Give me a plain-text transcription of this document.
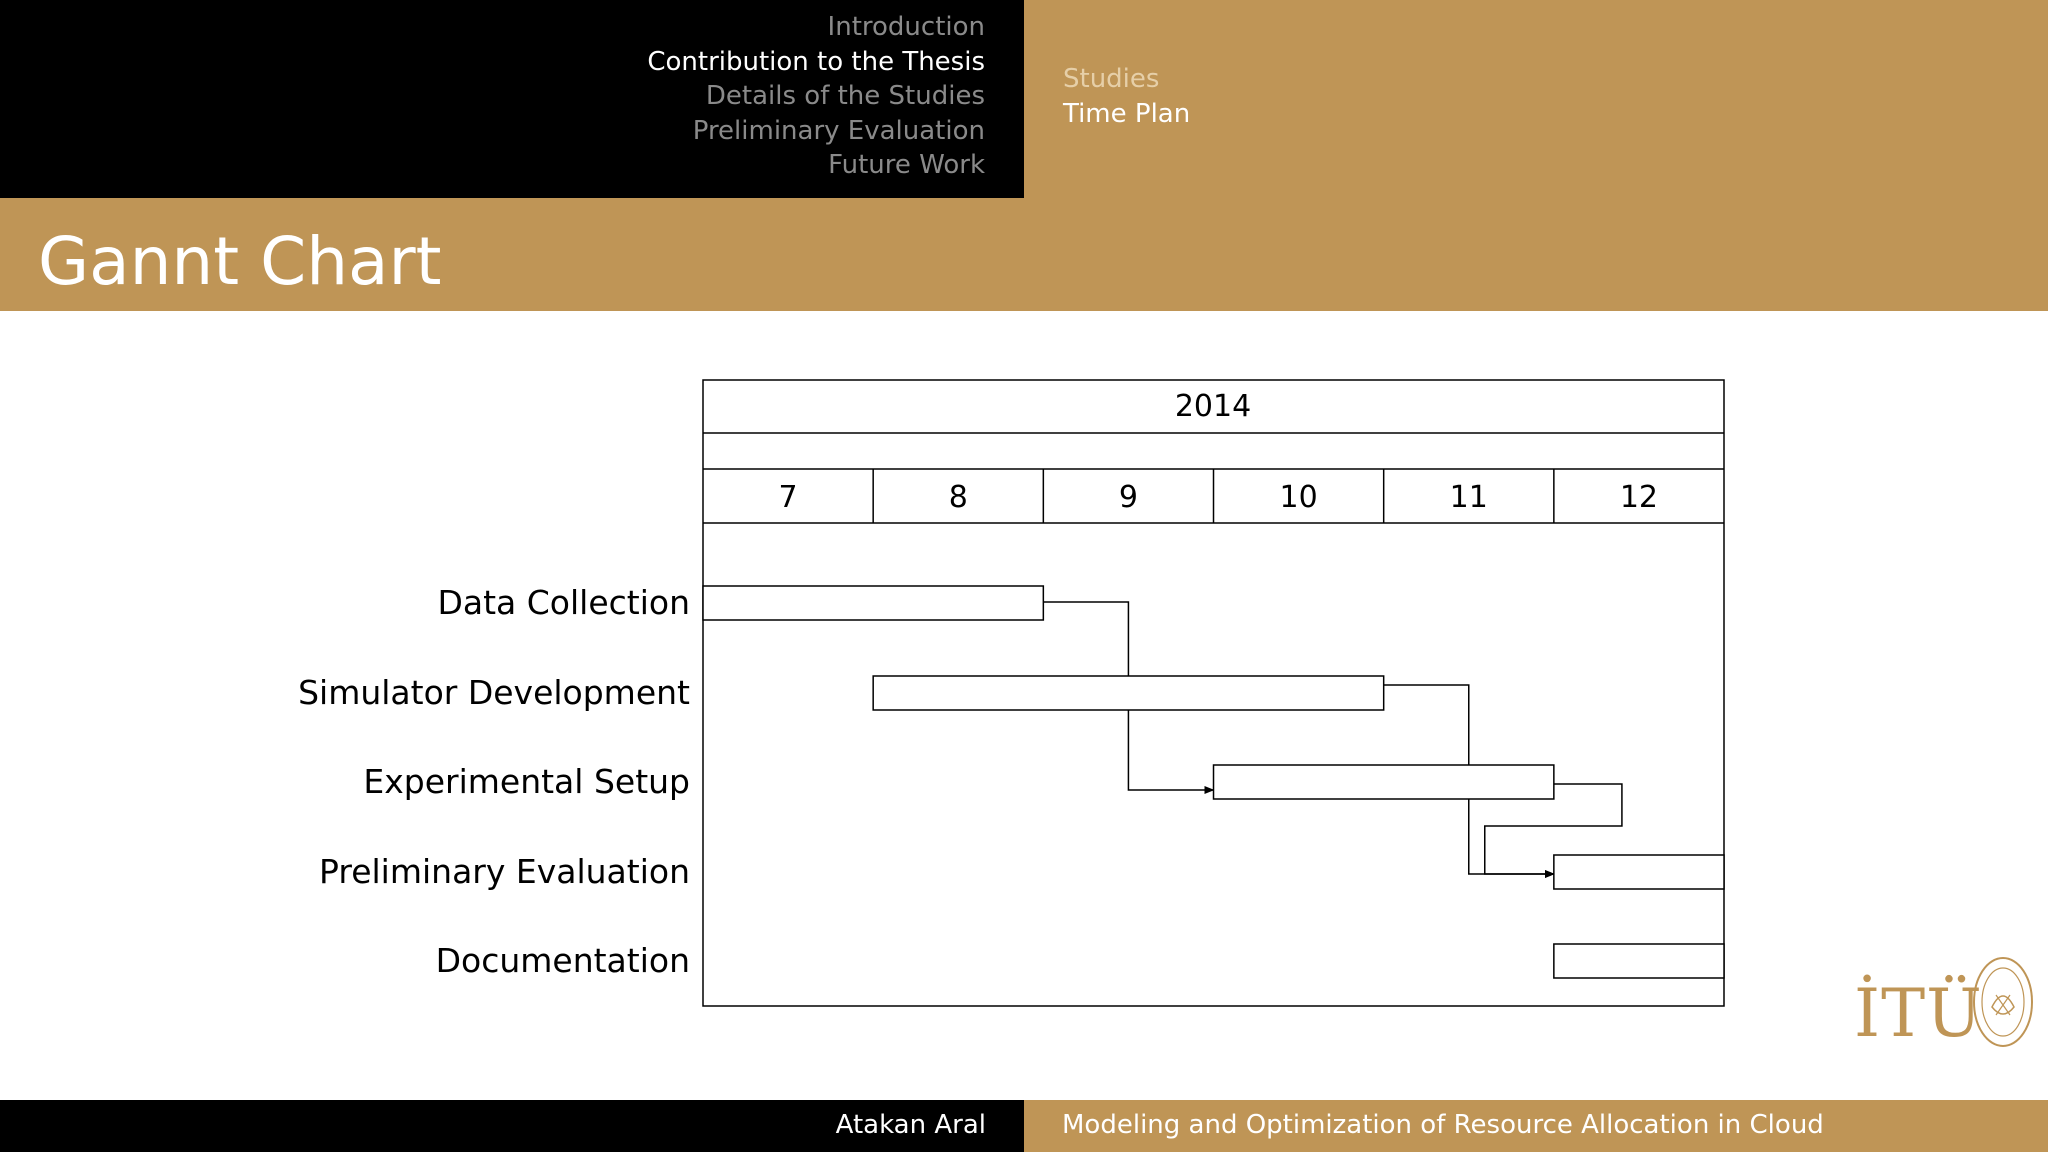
Introduction
Contribution to the Thesis
Details of the Studies
Preliminary Evaluation
Future Work
Studies
Time Plan
Gannt Chart
2014
7	8	9	10	11	12
Data Collection
Simulator Development
Experimental Setup
Preliminary Evaluation
Documentation
İTÜ
Atakan Aral	Modeling and Optimization of Resource Allocation in Cloud
